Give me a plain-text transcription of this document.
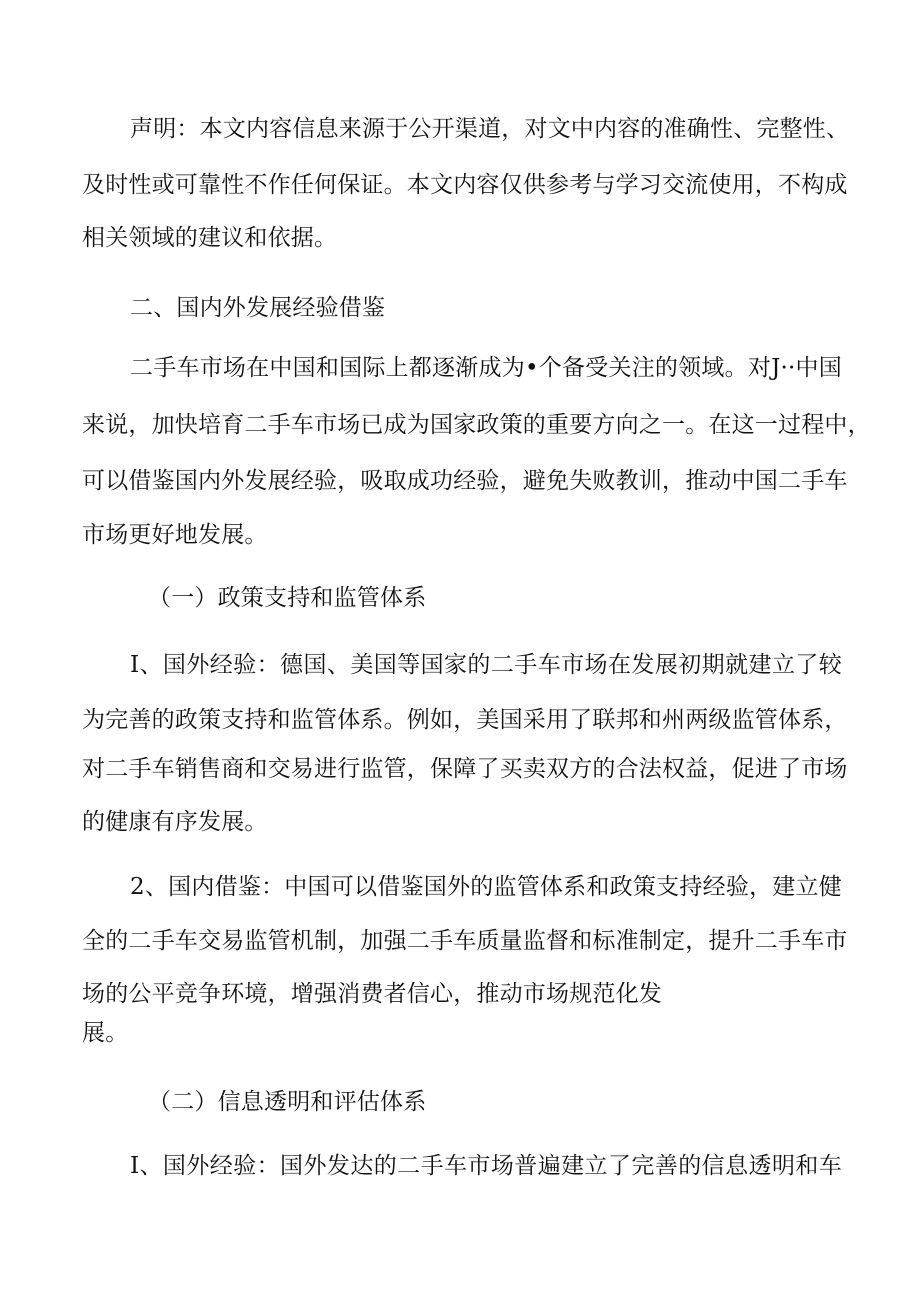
声明：本文内容信息来源于公开渠道，对文中内容的准确性、完整性、
及时性或可靠性不作任何保证。本文内容仅供参考与学习交流使用，不构成
相关领域的建议和依据。
二、国内外发展经验借鉴
二手车市场在中国和国际上都逐渐成为•个备受关注的领域。对J··中国
来说，加快培育二手车市场已成为国家政策的重要方向之一。在这一过程中，
可以借鉴国内外发展经验，吸取成功经验，避免失败教训，推动中国二手车
市场更好地发展。
（一）政策支持和监管体系
I、国外经验：德国、美国等国家的二手车市场在发展初期就建立了较
为完善的政策支持和监管体系。例如，美国采用了联邦和州两级监管体系，
对二手车销售商和交易进行监管，保障了买卖双方的合法权益，促进了市场
的健康有序发展。
2、国内借鉴：中国可以借鉴国外的监管体系和政策支持经验，建立健
全的二手车交易监管机制，加强二手车质量监督和标准制定，提升二手车市
场的公平竞争环境，增强消费者信心，推动市场规范化发
展。
（二）信息透明和评估体系
I、国外经验：国外发达的二手车市场普遍建立了完善的信息透明和车
